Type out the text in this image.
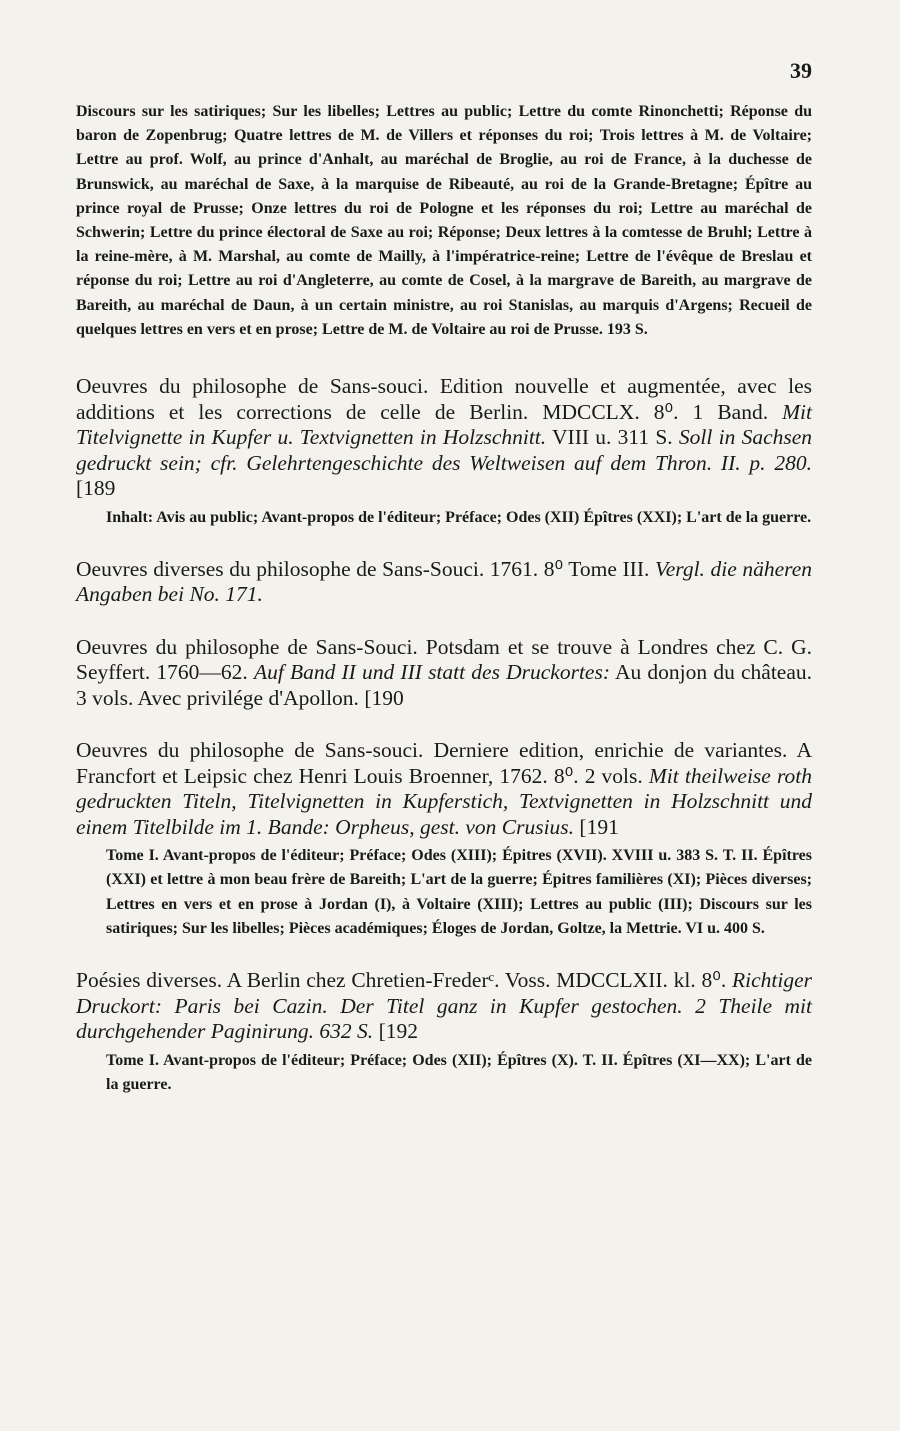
39

Discours sur les satiriques; Sur les libelles; Lettres au public; Lettre du comte Rinonchetti; Réponse du baron de Zopenbrug; Quatre lettres de M. de Villers et réponses du roi; Trois lettres à M. de Voltaire; Lettre au prof. Wolf, au prince d'Anhalt, au maréchal de Broglie, au roi de France, à la duchesse de Brunswick, au maréchal de Saxe, à la marquise de Ribeauté, au roi de la Grande-Bretagne; Épître au prince royal de Prusse; Onze lettres du roi de Pologne et les réponses du roi; Lettre au maréchal de Schwerin; Lettre du prince électoral de Saxe au roi; Réponse; Deux lettres à la comtesse de Bruhl; Lettre à la reine-mère, à M. Marshal, au comte de Mailly, à l'impératrice-reine; Lettre de l'évêque de Breslau et réponse du roi; Lettre au roi d'Angleterre, au comte de Cosel, à la margrave de Bareith, au margrave de Bareith, au maréchal de Daun, à un certain ministre, au roi Stanislas, au marquis d'Argens; Recueil de quelques lettres en vers et en prose; Lettre de M. de Voltaire au roi de Prusse. 193 S.

Oeuvres du philosophe de Sans-souci. Edition nouvelle et augmentée, avec les additions et les corrections de celle de Berlin. MDCCLX. 8⁰. 1 Band. Mit Titelvignette in Kupfer u. Textvignetten in Holzschnitt. VIII u. 311 S. Soll in Sachsen gedruckt sein; cfr. Gelehrtengeschichte des Weltweisen auf dem Thron. II. p. 280. [189
Inhalt: Avis au public; Avant-propos de l'éditeur; Préface; Odes (XII) Épîtres (XXI); L'art de la guerre.
Oeuvres diverses du philosophe de Sans-Souci. 1761. 8⁰ Tome III. Vergl. die näheren Angaben bei No. 171.
Oeuvres du philosophe de Sans-Souci. Potsdam et se trouve à Londres chez C. G. Seyffert. 1760—62. Auf Band II und III statt des Druckortes: Au donjon du château. 3 vols. Avec privilége d'Apollon. [190
Oeuvres du philosophe de Sans-souci. Derniere edition, enrichie de variantes. A Francfort et Leipsic chez Henri Louis Broenner, 1762. 8⁰. 2 vols. Mit theilweise roth gedruckten Titeln, Titelvignetten in Kupferstich, Textvignetten in Holzschnitt und einem Titelbilde im 1. Bande: Orpheus, gest. von Crusius. [191
Tome I. Avant-propos de l'éditeur; Préface; Odes (XIII); Épitres (XVII). XVIII u. 383 S. T. II. Épîtres (XXI) et lettre à mon beau frère de Bareith; L'art de la guerre; Épitres familières (XI); Pièces diverses; Lettres en vers et en prose à Jordan (I), à Voltaire (XIII); Lettres au public (III); Discours sur les satiriques; Sur les libelles; Pièces académiques; Éloges de Jordan, Goltze, la Mettrie. VI u. 400 S.
Poésies diverses. A Berlin chez Chretien-Frederᶜ. Voss. MDCCLXII. kl. 8⁰. Richtiger Druckort: Paris bei Cazin. Der Titel ganz in Kupfer gestochen. 2 Theile mit durchgehender Paginirung. 632 S. [192
Tome I. Avant-propos de l'éditeur; Préface; Odes (XII); Épîtres (X). T. II. Épîtres (XI—XX); L'art de la guerre.
